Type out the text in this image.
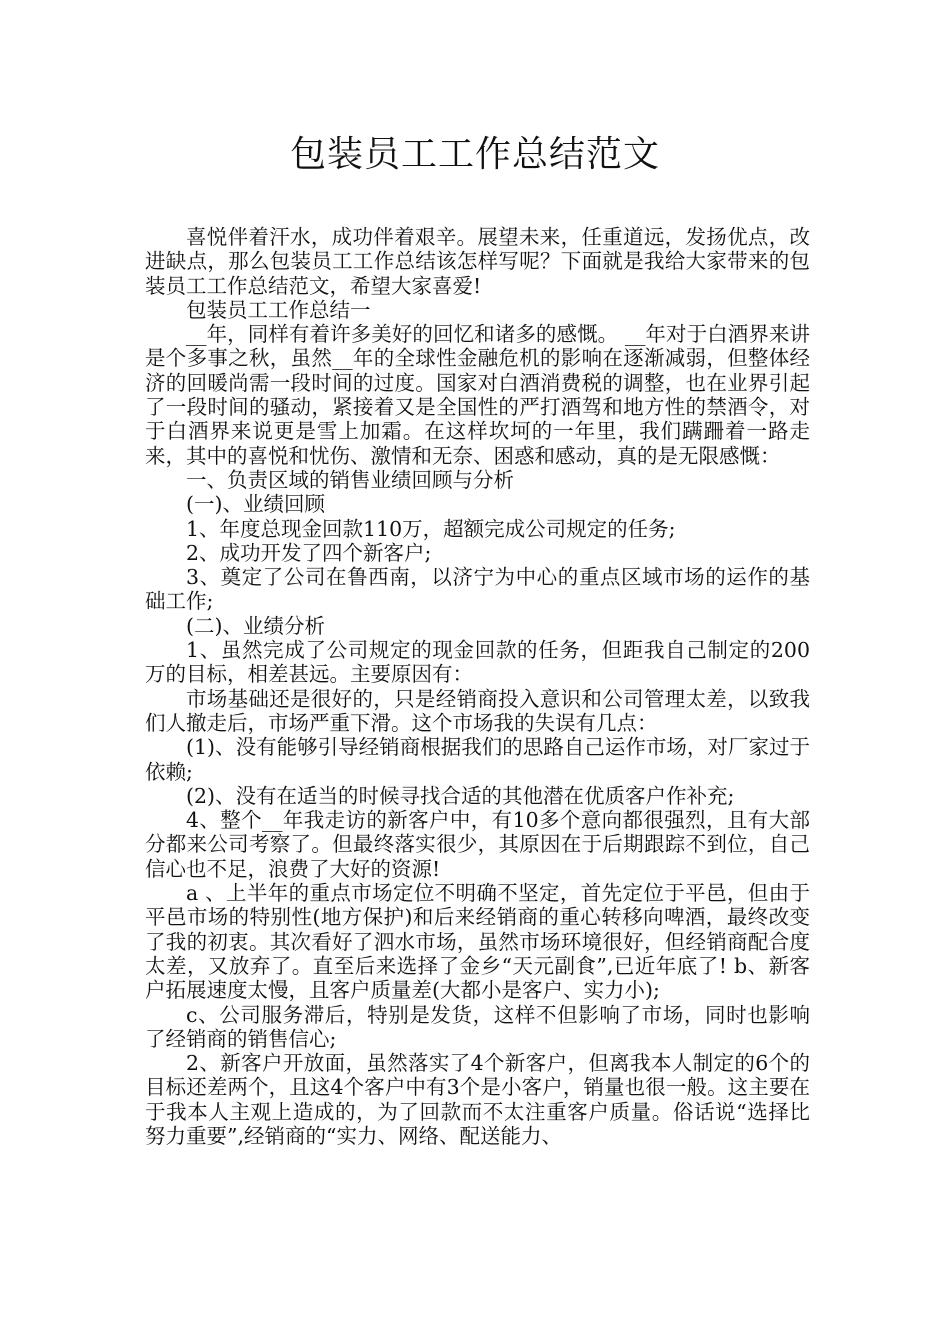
包装员工工作总结范文

喜悦伴着汗水，成功伴着艰辛。展望未来，任重道远，发扬优点，改进缺点，那么包装员工工作总结该怎样写呢？下面就是我给大家带来的包装员工工作总结范文，希望大家喜爱!

包装员工工作总结一

__年，同样有着许多美好的回忆和诸多的感慨。 __年对于白酒界来讲是个多事之秋，虽然__年的全球性金融危机的影响在逐渐减弱，但整体经济的回暖尚需一段时间的过度。国家对白酒消费税的调整，也在业界引起了一段时间的骚动，紧接着又是全国性的严打酒驾和地方性的禁酒令，对于白酒界来说更是雪上加霜。在这样坎坷的一年里，我们蹒跚着一路走来，其中的喜悦和忧伤、激情和无奈、困惑和感动，真的是无限感慨：

一、负责区域的销售业绩回顾与分析

(一)、业绩回顾

1、年度总现金回款110万，超额完成公司规定的任务;

2、成功开发了四个新客户;

3、奠定了公司在鲁西南，以济宁为中心的重点区域市场的运作的基础工作;

(二)、业绩分析

1、虽然完成了公司规定的现金回款的任务，但距我自己制定的200万的目标，相差甚远。主要原因有：

市场基础还是很好的，只是经销商投入意识和公司管理太差，以致我们人撤走后，市场严重下滑。这个市场我的失误有几点：

(1)、没有能够引导经销商根据我们的思路自己运作市场，对厂家过于依赖;

(2)、没有在适当的时候寻找合适的其他潜在优质客户作补充;

4、整个__年我走访的新客户中，有10多个意向都很强烈，且有大部分都来公司考察了。但最终落实很少，其原因在于后期跟踪不到位，自己信心也不足，浪费了大好的资源!

a 、上半年的重点市场定位不明确不坚定，首先定位于平邑，但由于平邑市场的特别性(地方保护)和后来经销商的重心转移向啤酒，最终改变了我的初衷。其次看好了泗水市场，虽然市场环境很好，但经销商配合度太差，又放弃了。直至后来选择了金乡“天元副食”,已近年底了! b、新客户拓展速度太慢，且客户质量差(大都小是客户、实力小);

c、公司服务滞后，特别是发货，这样不但影响了市场，同时也影响了经销商的销售信心;

2、新客户开放面，虽然落实了4个新客户，但离我本人制定的6个的目标还差两个，且这4个客户中有3个是小客户，销量也很一般。这主要在于我本人主观上造成的，为了回款而不太注重客户质量。俗话说“选择比努力重要”,经销商的“实力、网络、配送能力、
